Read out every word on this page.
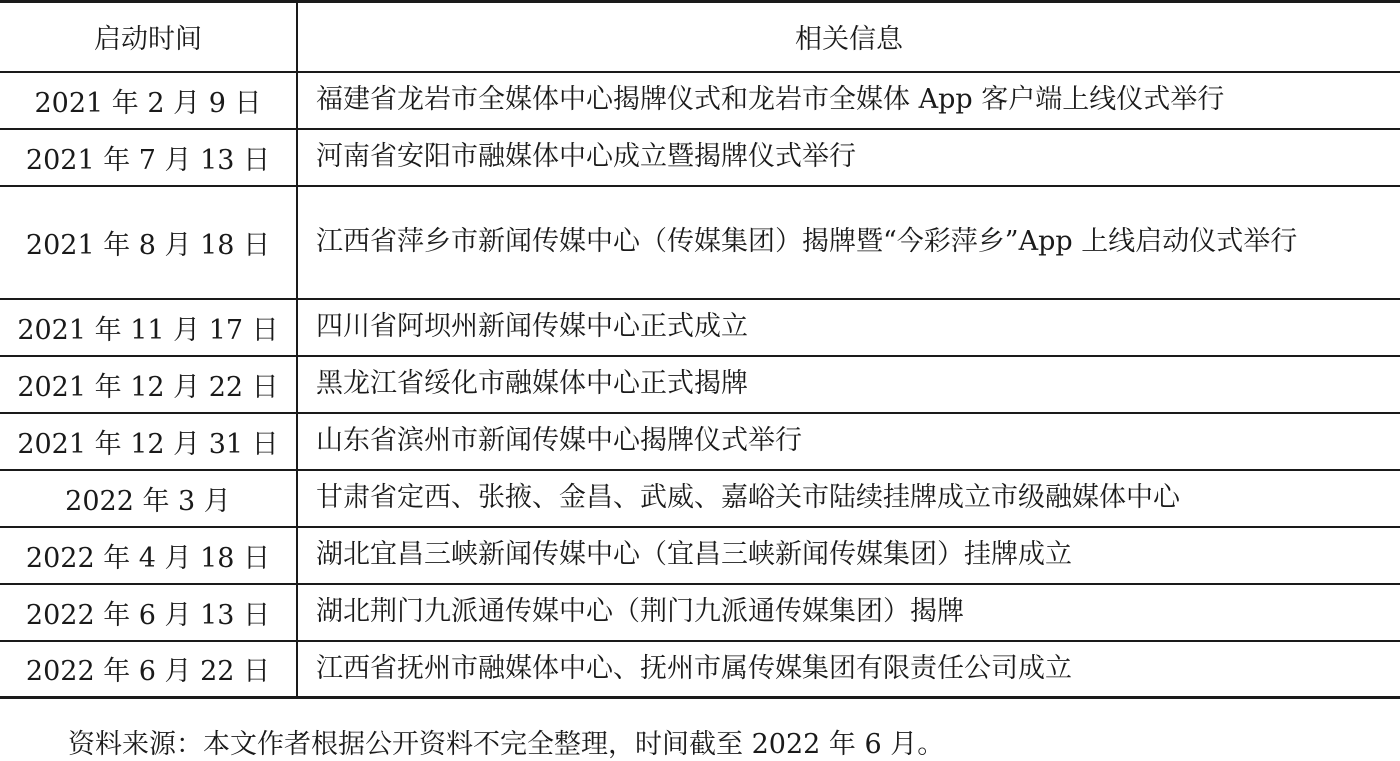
启动时间	相关信息
2021 年 2 月 9 日	福建省龙岩市全媒体中心揭牌仪式和龙岩市全媒体 App 客户端上线仪式举行
2021 年 7 月 13 日	河南省安阳市融媒体中心成立暨揭牌仪式举行
2021 年 8 月 18 日	江西省萍乡市新闻传媒中心（传媒集团）揭牌暨“今彩萍乡”App 上线启动仪式举行
2021 年 11 月 17 日	四川省阿坝州新闻传媒中心正式成立
2021 年 12 月 22 日	黑龙江省绥化市融媒体中心正式揭牌
2021 年 12 月 31 日	山东省滨州市新闻传媒中心揭牌仪式举行
2022 年 3 月	甘肃省定西、张掖、金昌、武威、嘉峪关市陆续挂牌成立市级融媒体中心
2022 年 4 月 18 日	湖北宜昌三峡新闻传媒中心（宜昌三峡新闻传媒集团）挂牌成立
2022 年 6 月 13 日	湖北荆门九派通传媒中心（荆门九派通传媒集团）揭牌
2022 年 6 月 22 日	江西省抚州市融媒体中心、抚州市属传媒集团有限责任公司成立
资料来源：本文作者根据公开资料不完全整理，时间截至 2022 年 6 月。
